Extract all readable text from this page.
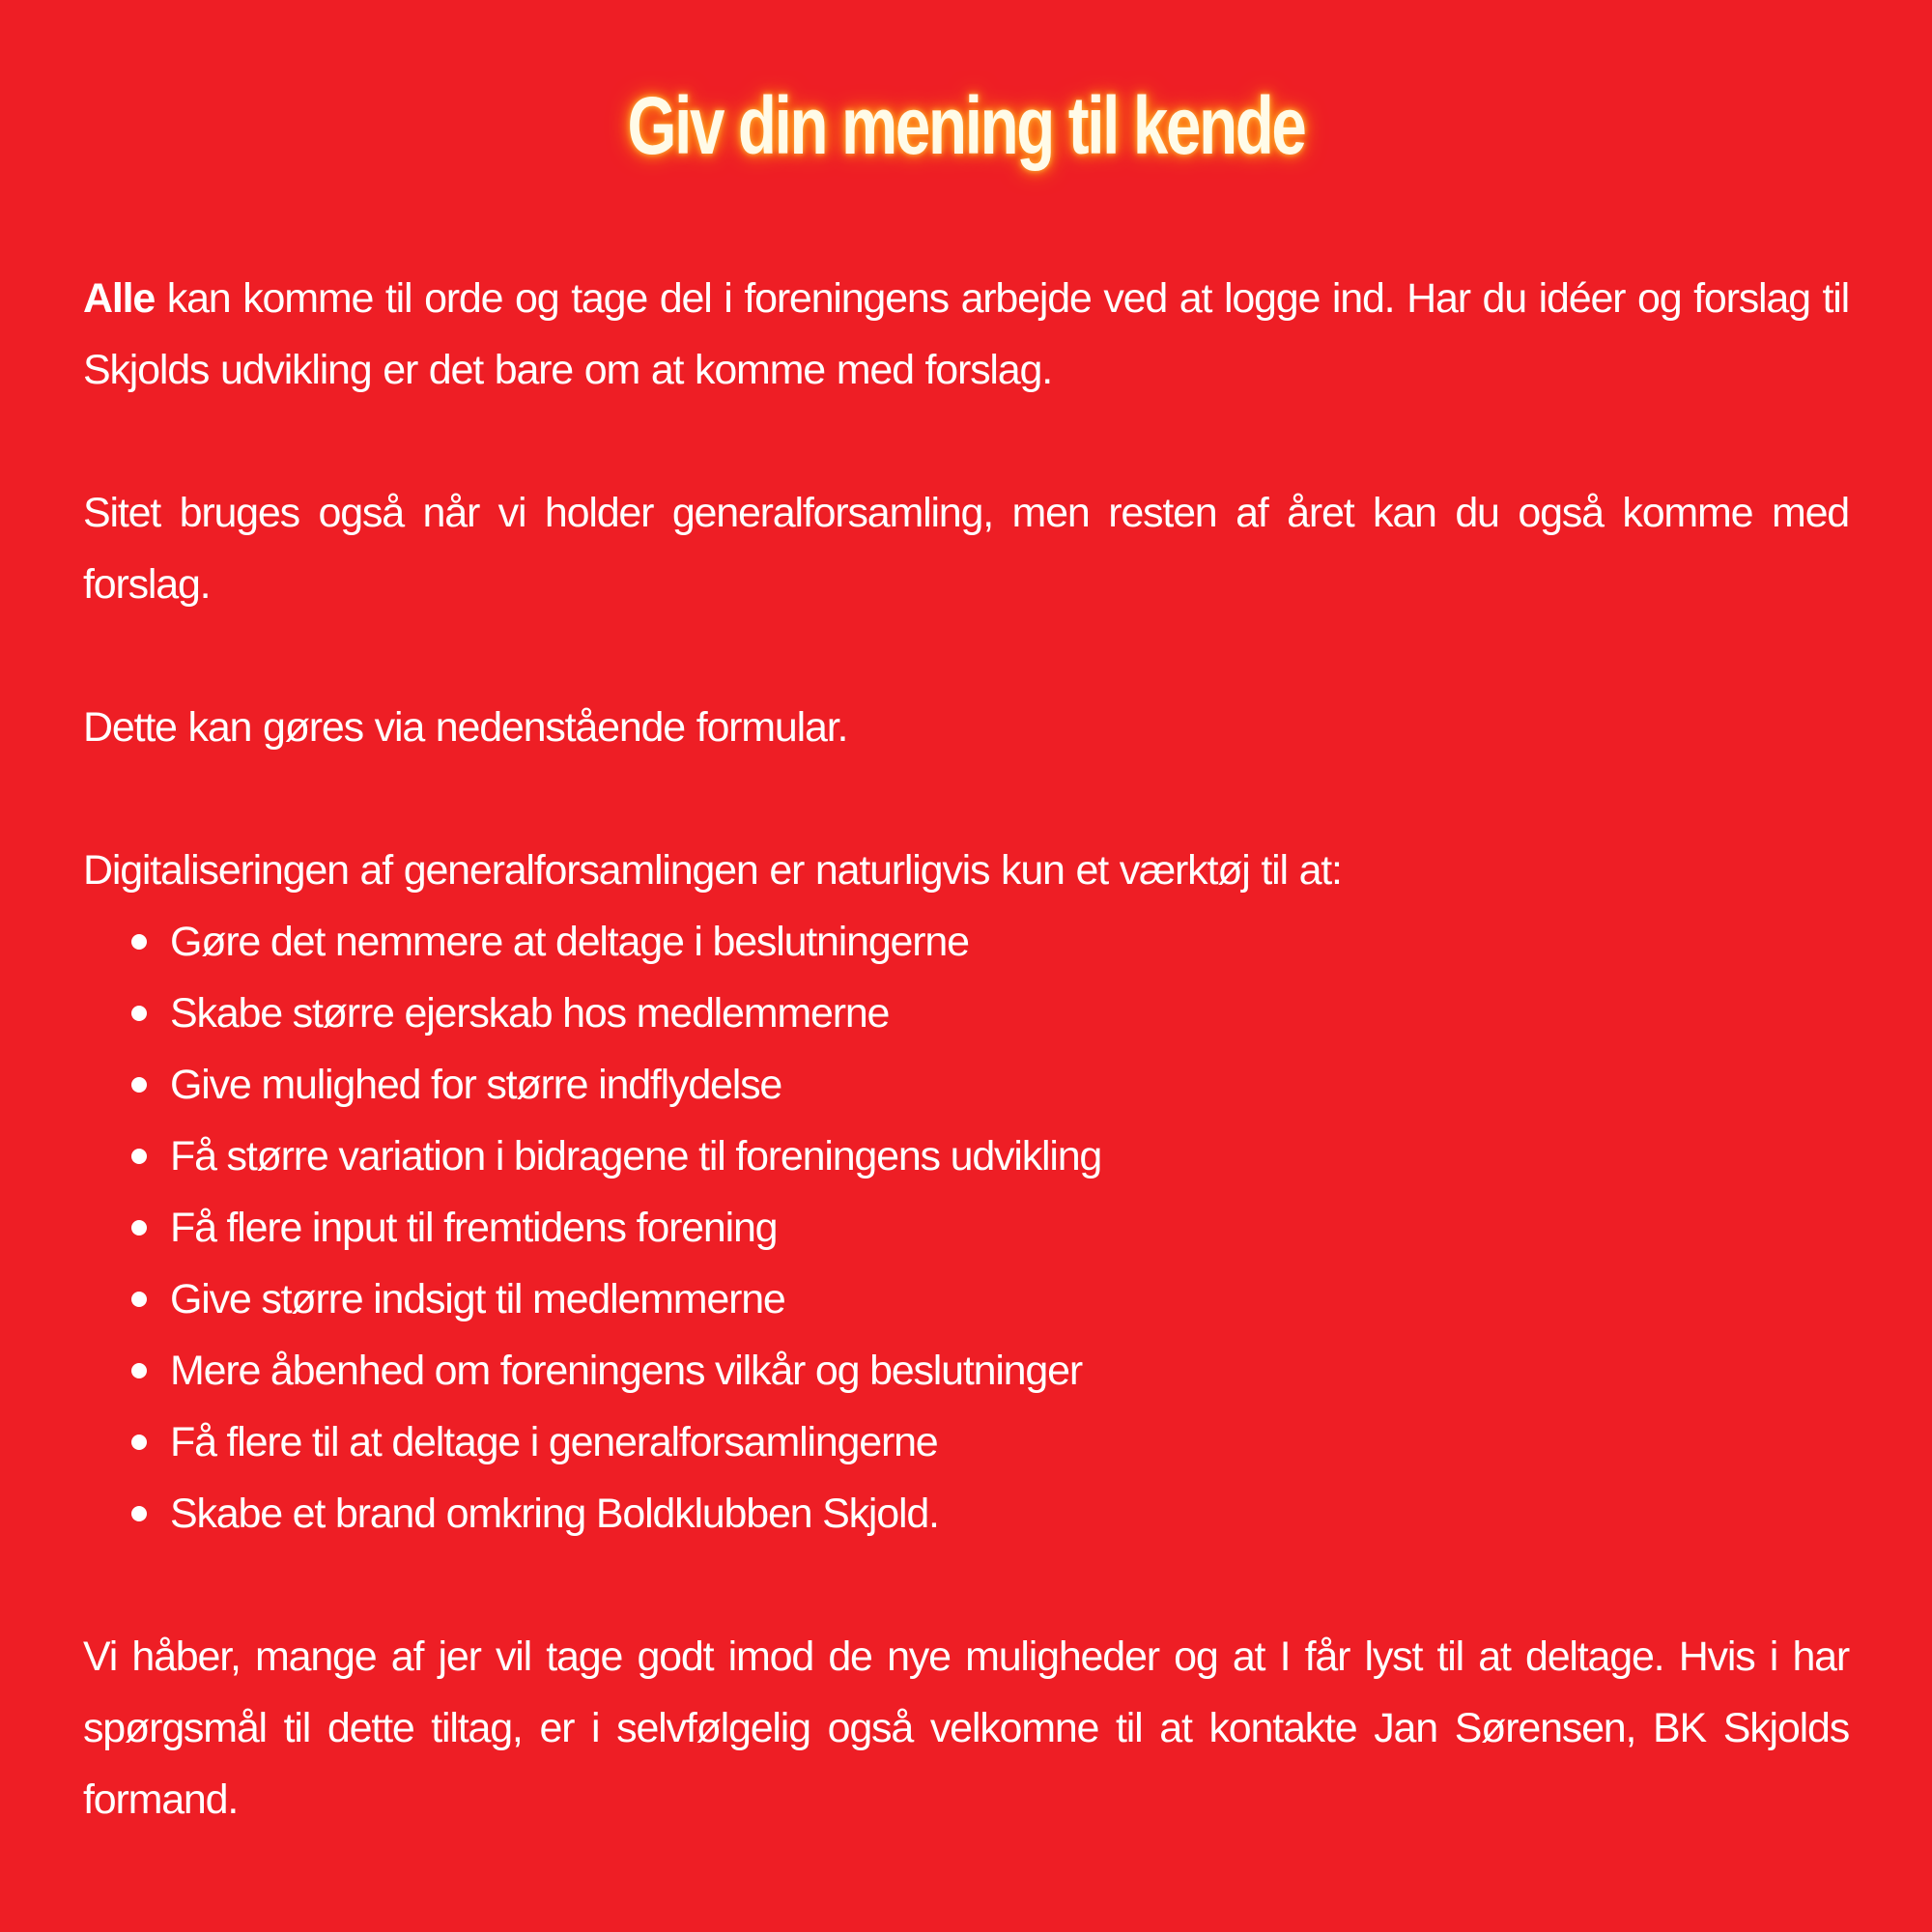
Giv din mening til kende

Alle kan komme til orde og tage del i foreningens arbejde ved at logge ind. Har du idéer og forslag til Skjolds udvikling er det bare om at komme med forslag.

Sitet bruges også når vi holder generalforsamling, men resten af året kan du også komme med forslag.

Dette kan gøres via nedenstående formular.

Digitaliseringen af generalforsamlingen er naturligvis kun et værktøj til at:

Gøre det nemmere at deltage i beslutningerne
Skabe større ejerskab hos medlemmerne
Give mulighed for større indflydelse
Få større variation i bidragene til foreningens udvikling
Få flere input til fremtidens forening
Give større indsigt til medlemmerne
Mere åbenhed om foreningens vilkår og beslutninger
Få flere til at deltage i generalforsamlingerne
Skabe et brand omkring Boldklubben Skjold.

Vi håber, mange af jer vil tage godt imod de nye muligheder og at I får lyst til at deltage. Hvis i har spørgsmål til dette tiltag, er i selvfølgelig også velkomne til at kontakte Jan Sørensen, BK Skjolds formand.
